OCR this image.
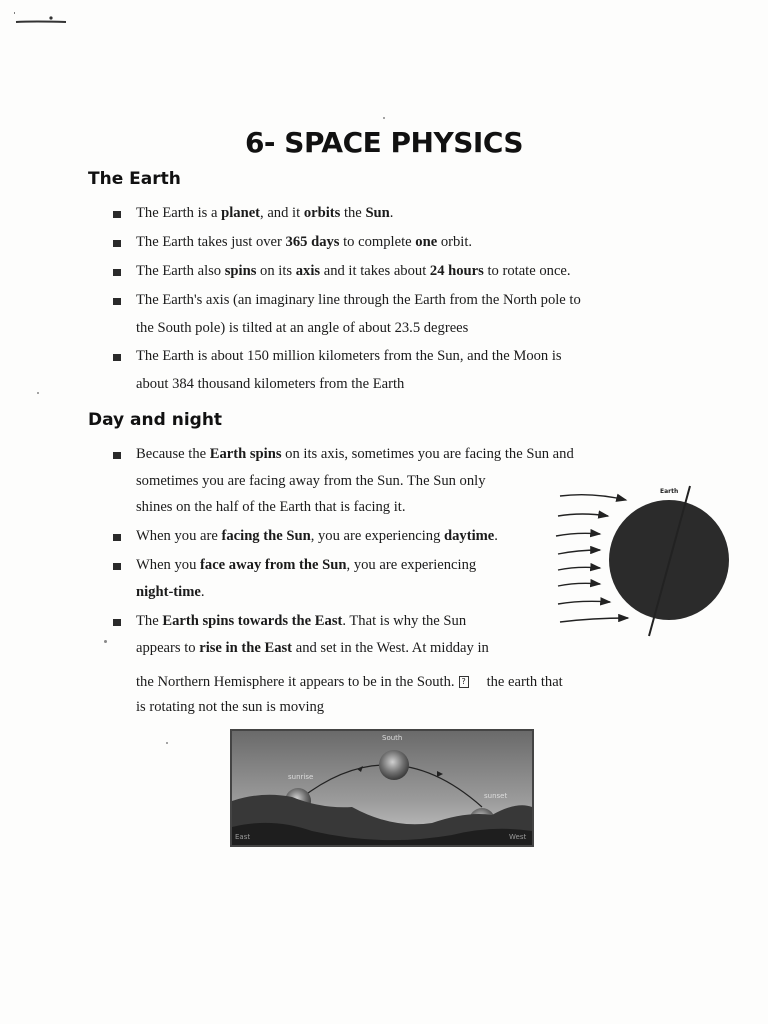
6- SPACE PHYSICS
The Earth
The Earth is a planet, and it orbits the Sun.
The Earth takes just over 365 days to complete one orbit.
The Earth also spins on its axis and it takes about 24 hours to rotate once.
The Earth's axis (an imaginary line through the Earth from the North pole to
the South pole) is tilted at an angle of about 23.5 degrees
The Earth is about 150 million kilometers from the Sun, and the Moon is
about 384 thousand kilometers from the Earth
Day and night
Because the Earth spins on its axis, sometimes you are facing the Sun and
sometimes you are facing away from the Sun. The Sun only
shines on the half of the Earth that is facing it.
When you are facing the Sun, you are experiencing daytime.
When you face away from the Sun, you are experiencing
night-time.
The Earth spins towards the East. That is why the Sun
appears to rise in the East and set in the West. At midday in
the Northern Hemisphere it appears to be in the South. ? the earth that
is rotating not the sun is moving
Earth
South
sunrise
sunset
East	West
